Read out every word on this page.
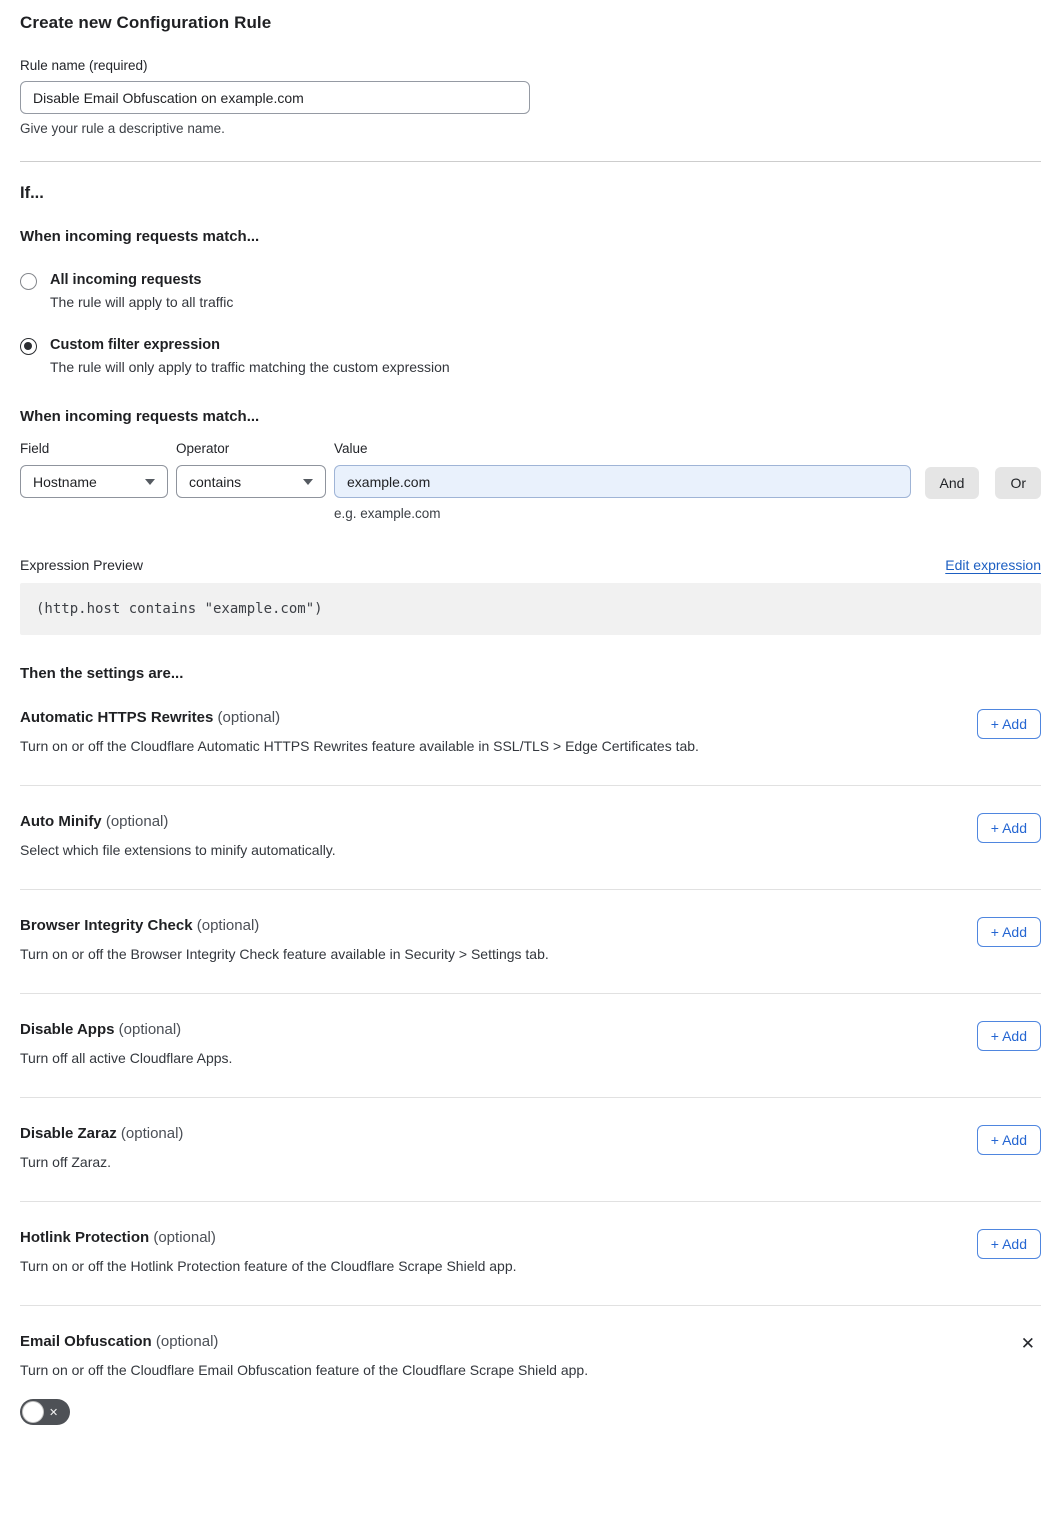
Create new Configuration Rule
Rule name (required)
Disable Email Obfuscation on example.com
Give your rule a descriptive name.
If...
When incoming requests match...
All incoming requests
The rule will apply to all traffic
Custom filter expression
The rule will only apply to traffic matching the custom expression
When incoming requests match...
Field
Hostname
Operator
contains
Value
example.com
e.g. example.com
And	Or
Expression Preview	Edit expression
(http.host contains "example.com")
Then the settings are...
Automatic HTTPS Rewrites (optional)
Turn on or off the Cloudflare Automatic HTTPS Rewrites feature available in SSL/TLS > Edge Certificates tab.
+ Add
Auto Minify (optional)
Select which file extensions to minify automatically.
+ Add
Browser Integrity Check (optional)
Turn on or off the Browser Integrity Check feature available in Security > Settings tab.
+ Add
Disable Apps (optional)
Turn off all active Cloudflare Apps.
+ Add
Disable Zaraz (optional)
Turn off Zaraz.
+ Add
Hotlink Protection (optional)
Turn on or off the Hotlink Protection feature of the Cloudflare Scrape Shield app.
+ Add
Email Obfuscation (optional)
Turn on or off the Cloudflare Email Obfuscation feature of the Cloudflare Scrape Shield app.
✕
✕
